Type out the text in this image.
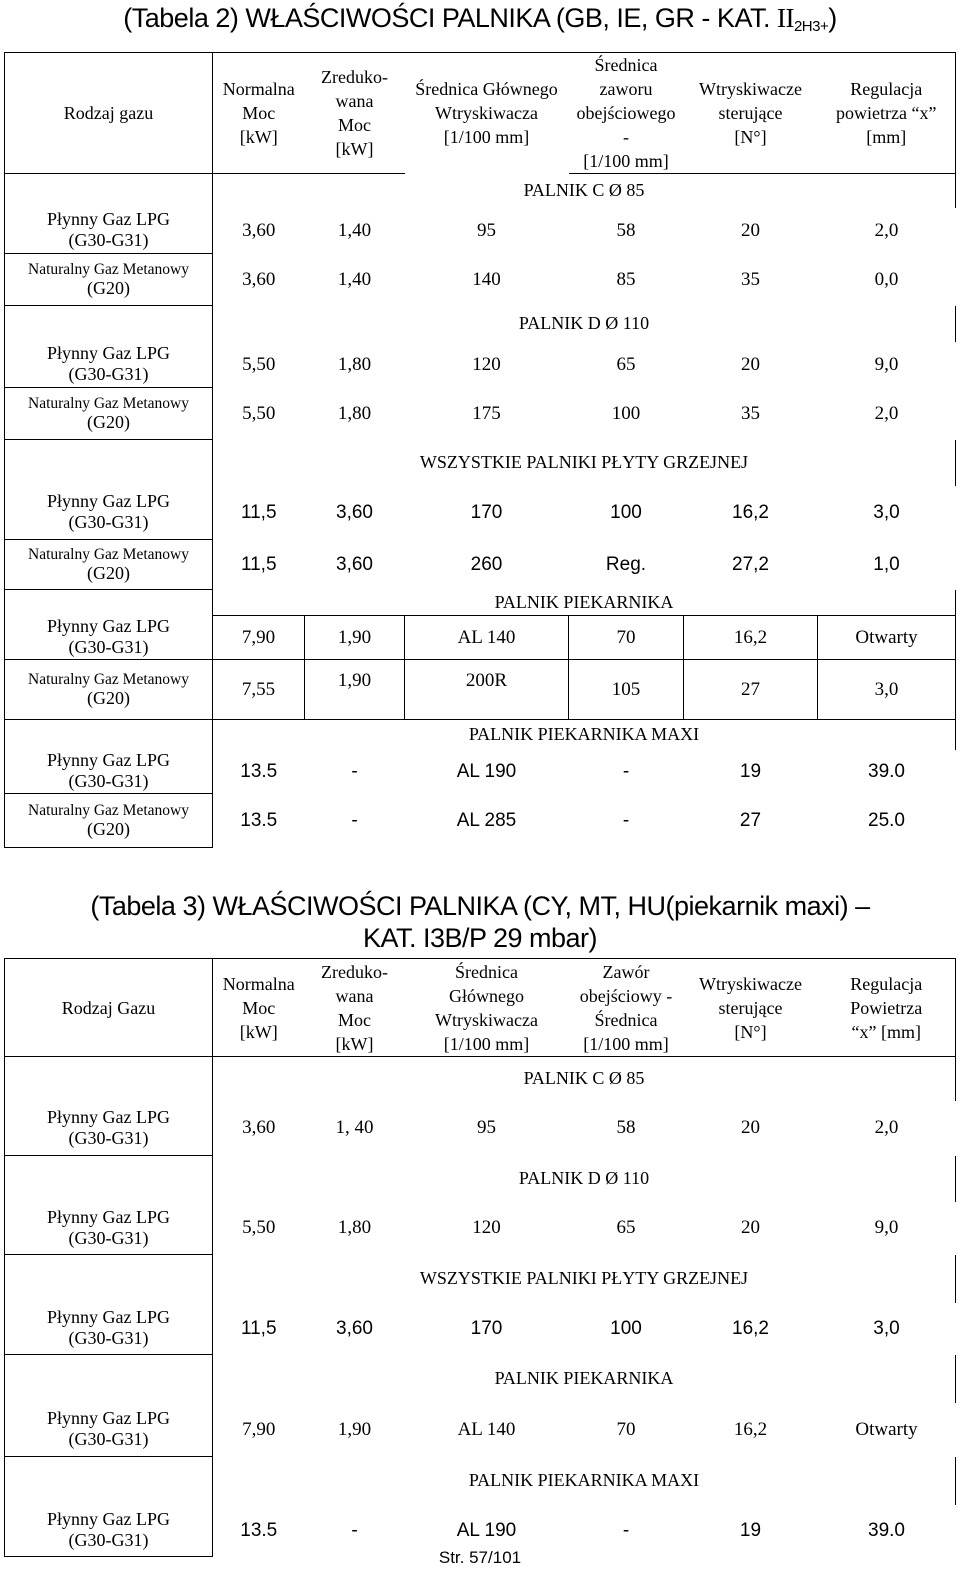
(Tabela 2) WŁAŚCIWOŚCI PALNIKA (GB, IE, GR - KAT. $II_{2H3+}$)
Rodzaj gazu	Normalna
Moc
[kW]	Zreduko-
wana
Moc
[kW]	Średnica Głównego
Wtryskiwacza
[1/100 mm]	Średnica
zaworu
obejściowego
-
[1/100 mm]	Wtryskiwacze
sterujące
[N°]	Regulacja
powietrza “x”
[mm]
	PALNIK C Ø 85					
Płynny Gaz LPG
(G30-G31)	3,60	1,40	95	58	20	2,0
Naturalny Gaz Metanowy
(G20)	3,60	1,40	140	85	35	0,0
	PALNIK D Ø 110					
Płynny Gaz LPG
(G30-G31)	5,50	1,80	120	65	20	9,0
Naturalny Gaz Metanowy
(G20)	5,50	1,80	175	100	35	2,0
	WSZYSTKIE PALNIKI PŁYTY GRZEJNEJ					
Płynny Gaz LPG
(G30-G31)	11,5	3,60	170	100	16,2	3,0
Naturalny Gaz Metanowy
(G20)	11,5	3,60	260	Reg.	27,2	1,0
	PALNIK PIEKARNIKA					
Płynny Gaz LPG
(G30-G31)	7,90	1,90	AL 140	70	16,2	Otwarty
Naturalny Gaz Metanowy
(G20)	7,55	1,90	200R	105	27	3,0
	PALNIK PIEKARNIKA MAXI					
Płynny Gaz LPG
(G30-G31)	13.5	-	AL 190	-	19	39.0
Naturalny Gaz Metanowy
(G20)	13.5	-	AL 285	-	27	25.0
(Tabela 3) WŁAŚCIWOŚCI PALNIKA (CY, MT, HU(piekarnik maxi) –
KAT. I3B/P 29 mbar)
Rodzaj Gazu	Normalna
Moc
[kW]	Zreduko-
wana
Moc
[kW]	Średnica
Głównego
Wtryskiwacza
[1/100 mm]	Zawór
obejściowy -
Średnica
[1/100 mm]	Wtryskiwacze
sterujące
[N°]	Regulacja
Powietrza
“x” [mm]
	PALNIK C Ø 85					
Płynny Gaz LPG
(G30-G31)	3,60	1, 40	95	58	20	2,0
	PALNIK D Ø 110					
Płynny Gaz LPG
(G30-G31)	5,50	1,80	120	65	20	9,0
	WSZYSTKIE PALNIKI PŁYTY GRZEJNEJ					
Płynny Gaz LPG
(G30-G31)	11,5	3,60	170	100	16,2	3,0
	PALNIK PIEKARNIKA					
Płynny Gaz LPG
(G30-G31)	7,90	1,90	AL 140	70	16,2	Otwarty
	PALNIK PIEKARNIKA MAXI					
Płynny Gaz LPG
(G30-G31)	13.5	-	AL 190	-	19	39.0
Str. 57/101
